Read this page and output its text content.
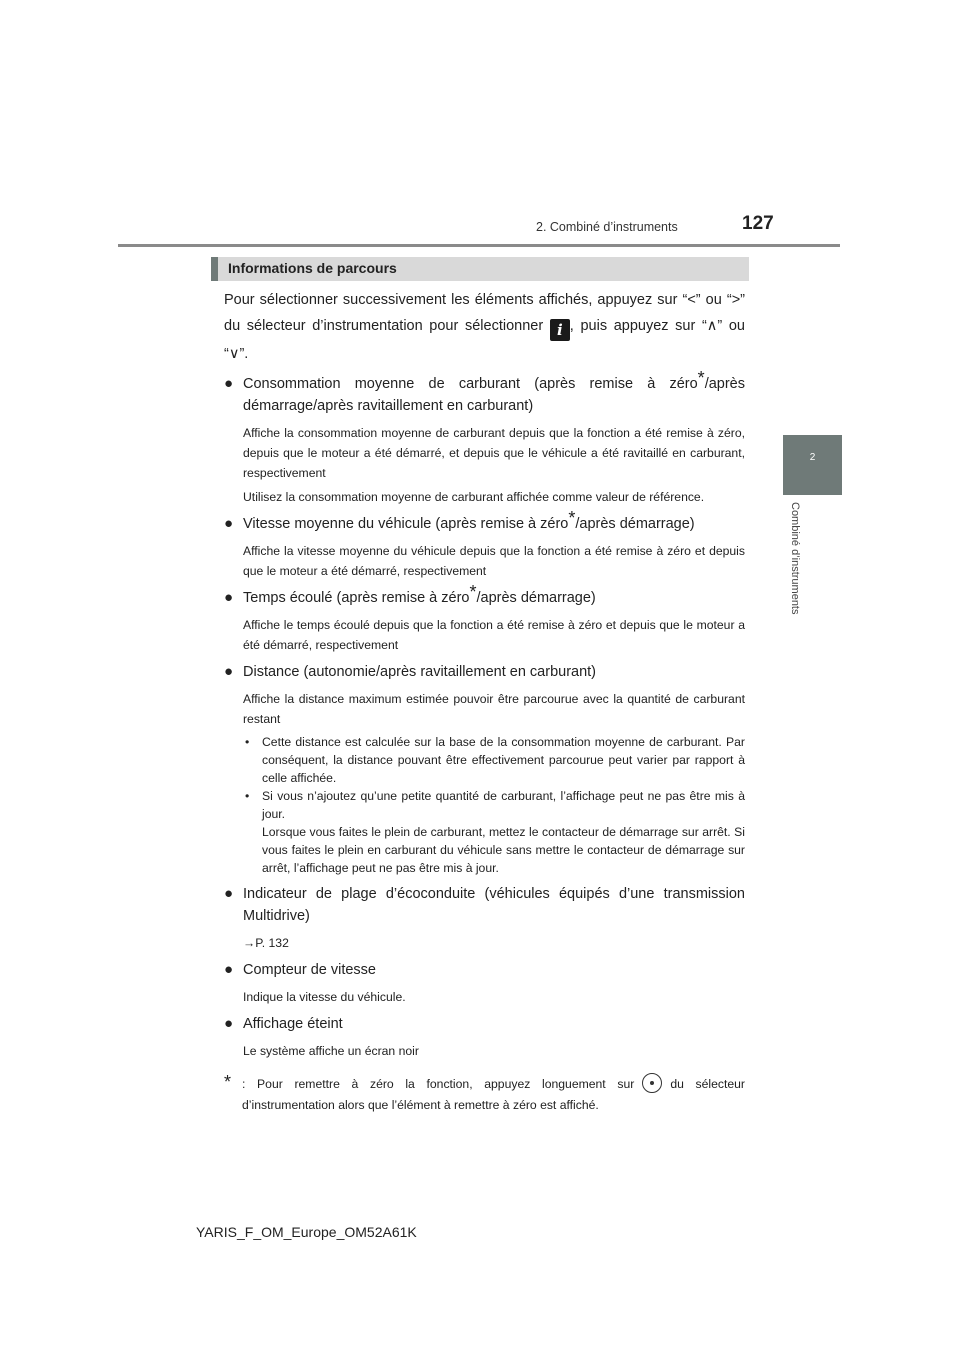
2. Combiné d’instruments	127
2
Combiné d’instruments
Informations de parcours

Pour sélectionner successivement les éléments affichés, appuyez sur “<” ou “>” du sélecteur d’instrumentation pour sélectionner i , puis appuyez sur “∧” ou “∨”.

● Consommation moyenne de carburant (après remise à zéro*/après démarrage/après ravitaillement en carburant)

Affiche la consommation moyenne de carburant depuis que la fonction a été remise à zéro, depuis que le moteur a été démarré, et depuis que le véhicule a été ravitaillé en carburant, respectivement

Utilisez la consommation moyenne de carburant affichée comme valeur de référence.

● Vitesse moyenne du véhicule (après remise à zéro*/après démarrage)

Affiche la vitesse moyenne du véhicule depuis que la fonction a été remise à zéro et depuis que le moteur a été démarré, respectivement

● Temps écoulé (après remise à zéro*/après démarrage)

Affiche le temps écoulé depuis que la fonction a été remise à zéro et depuis que le moteur a été démarré, respectivement

● Distance (autonomie/après ravitaillement en carburant)

Affiche la distance maximum estimée pouvoir être parcourue avec la quantité de carburant restant

•	Cette distance est calculée sur la base de la consommation moyenne de carburant. Par conséquent, la distance pouvant être effectivement parcourue peut varier par rapport à celle affichée.
•	Si vous n’ajoutez qu’une petite quantité de carburant, l’affichage peut ne pas être mis à jour.
Lorsque vous faites le plein de carburant, mettez le contacteur de démarrage sur arrêt. Si vous faites le plein en carburant du véhicule sans mettre le contacteur de démarrage sur arrêt, l’affichage peut ne pas être mis à jour.

● Indicateur de plage d’écoconduite (véhicules équipés d’une transmission Multidrive)

→P. 132

● Compteur de vitesse

Indique la vitesse du véhicule.

● Affichage éteint

Le système affiche un écran noir

* : Pour remettre à zéro la fonction, appuyez longuement sur	du sélecteur d’instrumentation alors que l’élément à remettre à zéro est affiché.
YARIS_F_OM_Europe_OM52A61K
